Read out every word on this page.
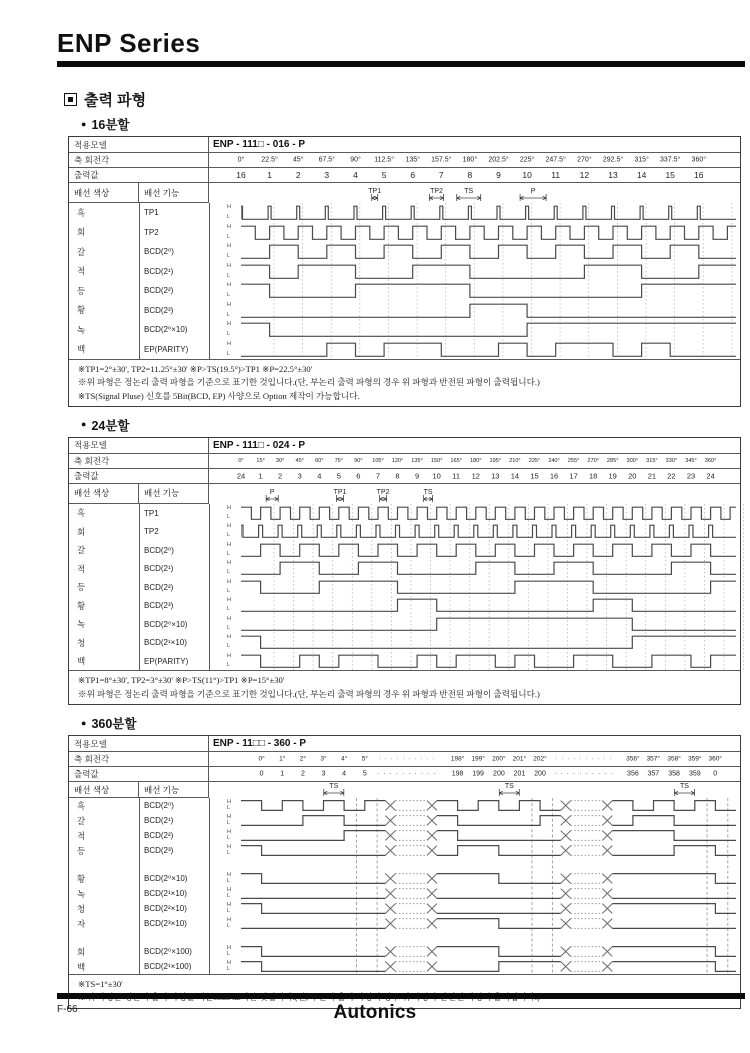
ENP Series
출력 파형
● 16분할
적용모델	ENP - 111□ - 016 - P
축 회전각	0° 22.5° 45° 67.5° 90° 112.5° 135° 157.5° 180° 202.5° 225° 247.5° 270° 292.5° 315° 337.5° 360°
출력값	16	1	2	3	4	5	6	7	8	9	10 11 12 13 14 15 16
배선 색상	배선 기능	TP1	TP2	TS	P
흑	TP1
H
L
회	TP2
H
L
갈	BCD(2⁰)
H
L
적	BCD(2¹)
H
L
등	BCD(2²)
H
L
황	BCD(2³)
H
L
녹	BCD(2⁰×10)
H
L
백	EP(PARITY)
H
L
※TP1=2°±30', TP2=11.25°±30' ※P>TS(19.5°)>TP1 ※P=22.5°±30'
※위 파형은 정논리 출력 파형을 기준으로 표기한 것입니다.(단, 부논리 출력 파형의 경우 위 파형과 반전된 파형이 출력됩니다.)
※TS(Signal Pluse) 신호를 5Bit(BCD, EP) 사양으로 Option 제작이 가능합니다.
● 24분할
적용모델	ENP - 111□ - 024 - P
축 회전각	0° 15° 30° 45° 60° 75° 90° 105° 120° 135° 150° 165° 180° 195° 210° 225° 240° 255° 270° 285° 300° 315° 330° 345° 360°
출력값	24 1 2 3 4 5 6 7 8 9 10 11 12 13 14 15 16 17 18 19 20 21 22 23 24
배선 색상	배선 기능	P	TP1	TP2	TS
흑	TP1
H
L
회	TP2
H
L
갈	BCD(2⁰)
H
L
적	BCD(2¹)
H
L
등	BCD(2²)
H
L
황	BCD(2³)
H
L
녹	BCD(2⁰×10)
H
L
청	BCD(2¹×10)
H
L
백	EP(PARITY)
H
L
※TP1=8°±30', TP2=3°±30' ※P>TS(11°)>TP1 ※P=15°±30'
※위 파형은 정논리 출력 파형을 기준으로 표기한 것입니다.(단, 부논리 출력 파형의 경우 위 파형과 반전된 파형이 출력됩니다.)
● 360분할
적용모델	ENP - 11□□ - 360 - P
축 회전각	0° 1° 2° 3° 4° 5° · · · · · · · · · · 198° 199° 200° 201° 202° · · · · · · · · · · 356° 357° 358° 359° 360°
출력값	0 1 2 3 4 5 · · · · · · · · · · 198 199 200 201 200 · · · · · · · · · · 356 357 358 359 0
배선 색상	배선 기능	TS	TS	TS
흑	BCD(2⁰)	H
L
갈	BCD(2¹)	H
L
적	BCD(2²)	H
L
등	BCD(2³)	H
L
황	BCD(2⁰×10)	H
L
녹	BCD(2¹×10)	H
L
청	BCD(2²×10)	H
L
자	BCD(2³×10)	H
L
회	BCD(2⁰×100)	H
L
백	BCD(2¹×100)	H
L
※TS=1°±30'
F-66	Autonics
